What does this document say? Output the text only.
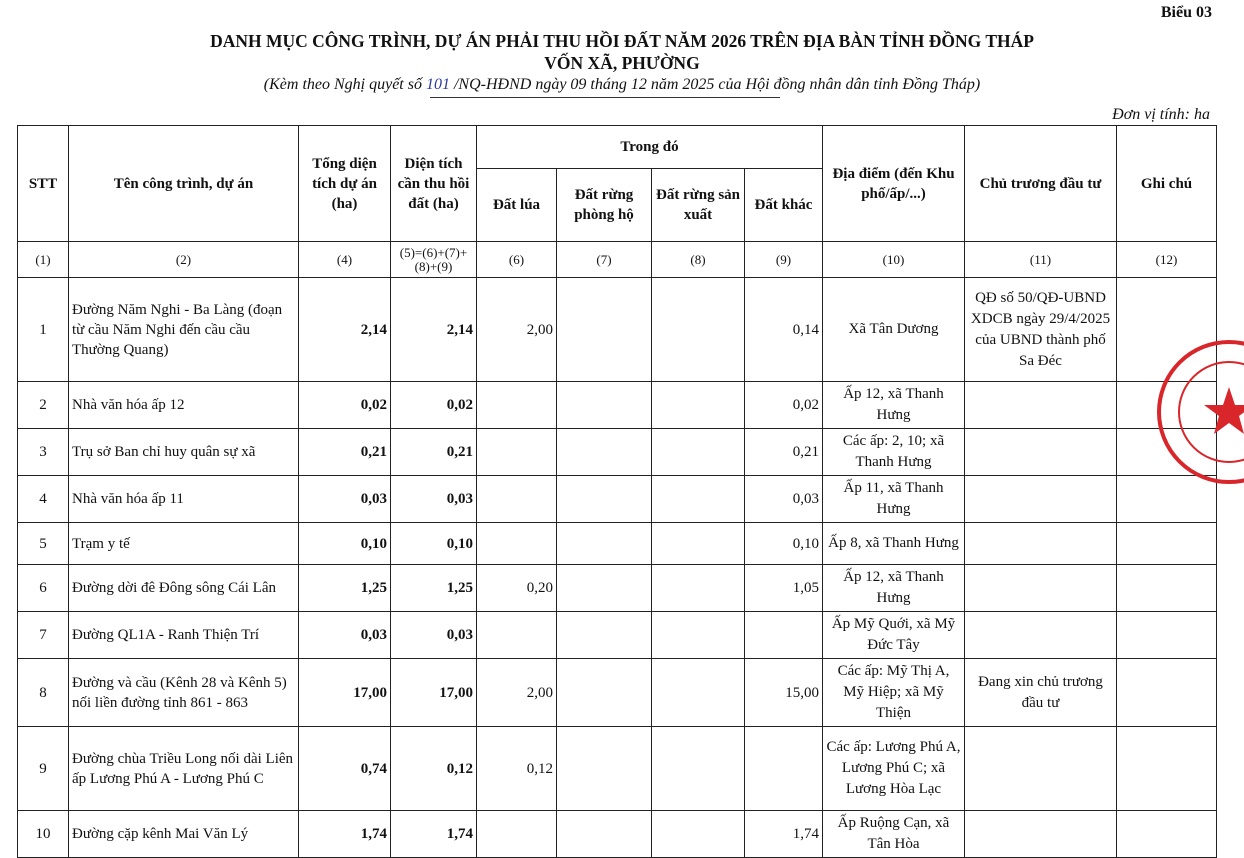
Biểu 03
DANH MỤC CÔNG TRÌNH, DỰ ÁN PHẢI THU HỒI ĐẤT NĂM 2026 TRÊN ĐỊA BÀN TỈNH ĐỒNG THÁP
VỐN XÃ, PHƯỜNG
(Kèm theo Nghị quyết số 101 /NQ-HĐND ngày 09 tháng 12 năm 2025 của Hội đồng nhân dân tỉnh Đồng Tháp)
Đơn vị tính: ha
STT	Tên công trình, dự án	Tổng diện tích dự án (ha)	Diện tích cần thu hồi đất (ha)	Trong đó				Địa điểm (đến Khu phố/ấp/...)	Chủ trương đầu tư	Ghi chú
				Đất lúa	Đất rừng phòng hộ	Đất rừng sản xuất	Đất khác			
(1)	(2)	(4)	(5)=(6)+(7)+(8)+(9)	(6)	(7)	(8)	(9)	(10)	(11)	(12)
1	Đường Năm Nghi - Ba Làng (đoạn từ cầu Năm Nghi đến cầu cầu Thường Quang)	2,14	2,14	2,00			0,14	Xã Tân Dương	QĐ số 50/QĐ-UBND XDCB ngày 29/4/2025 của UBND thành phố Sa Đéc	
2	Nhà văn hóa ấp 12	0,02	0,02				0,02	Ấp 12, xã Thanh Hưng		
3	Trụ sở Ban chỉ huy quân sự xã	0,21	0,21				0,21	Các ấp: 2, 10; xã Thanh Hưng		
4	Nhà văn hóa ấp 11	0,03	0,03				0,03	Ấp 11, xã Thanh Hưng		
5	Trạm y tế	0,10	0,10				0,10	Ấp 8, xã Thanh Hưng		
6	Đường dời đê Đông sông Cái Lân	1,25	1,25	0,20			1,05	Ấp 12, xã Thanh Hưng		
7	Đường QL1A - Ranh Thiện Trí	0,03	0,03					Ấp Mỹ Quới, xã Mỹ Đức Tây		
8	Đường và cầu (Kênh 28 và Kênh 5) nối liền đường tỉnh 861 - 863	17,00	17,00	2,00			15,00	Các ấp: Mỹ Thị A, Mỹ Hiệp; xã Mỹ Thiện	Đang xin chủ trương đầu tư	
9	Đường chùa Triều Long nối dài Liên ấp Lương Phú A - Lương Phú C	0,74	0,12	0,12				Các ấp: Lương Phú A, Lương Phú C; xã Lương Hòa Lạc		
10	Đường cặp kênh Mai Văn Lý	1,74	1,74				1,74	Ấp Ruộng Cạn, xã Tân Hòa		
